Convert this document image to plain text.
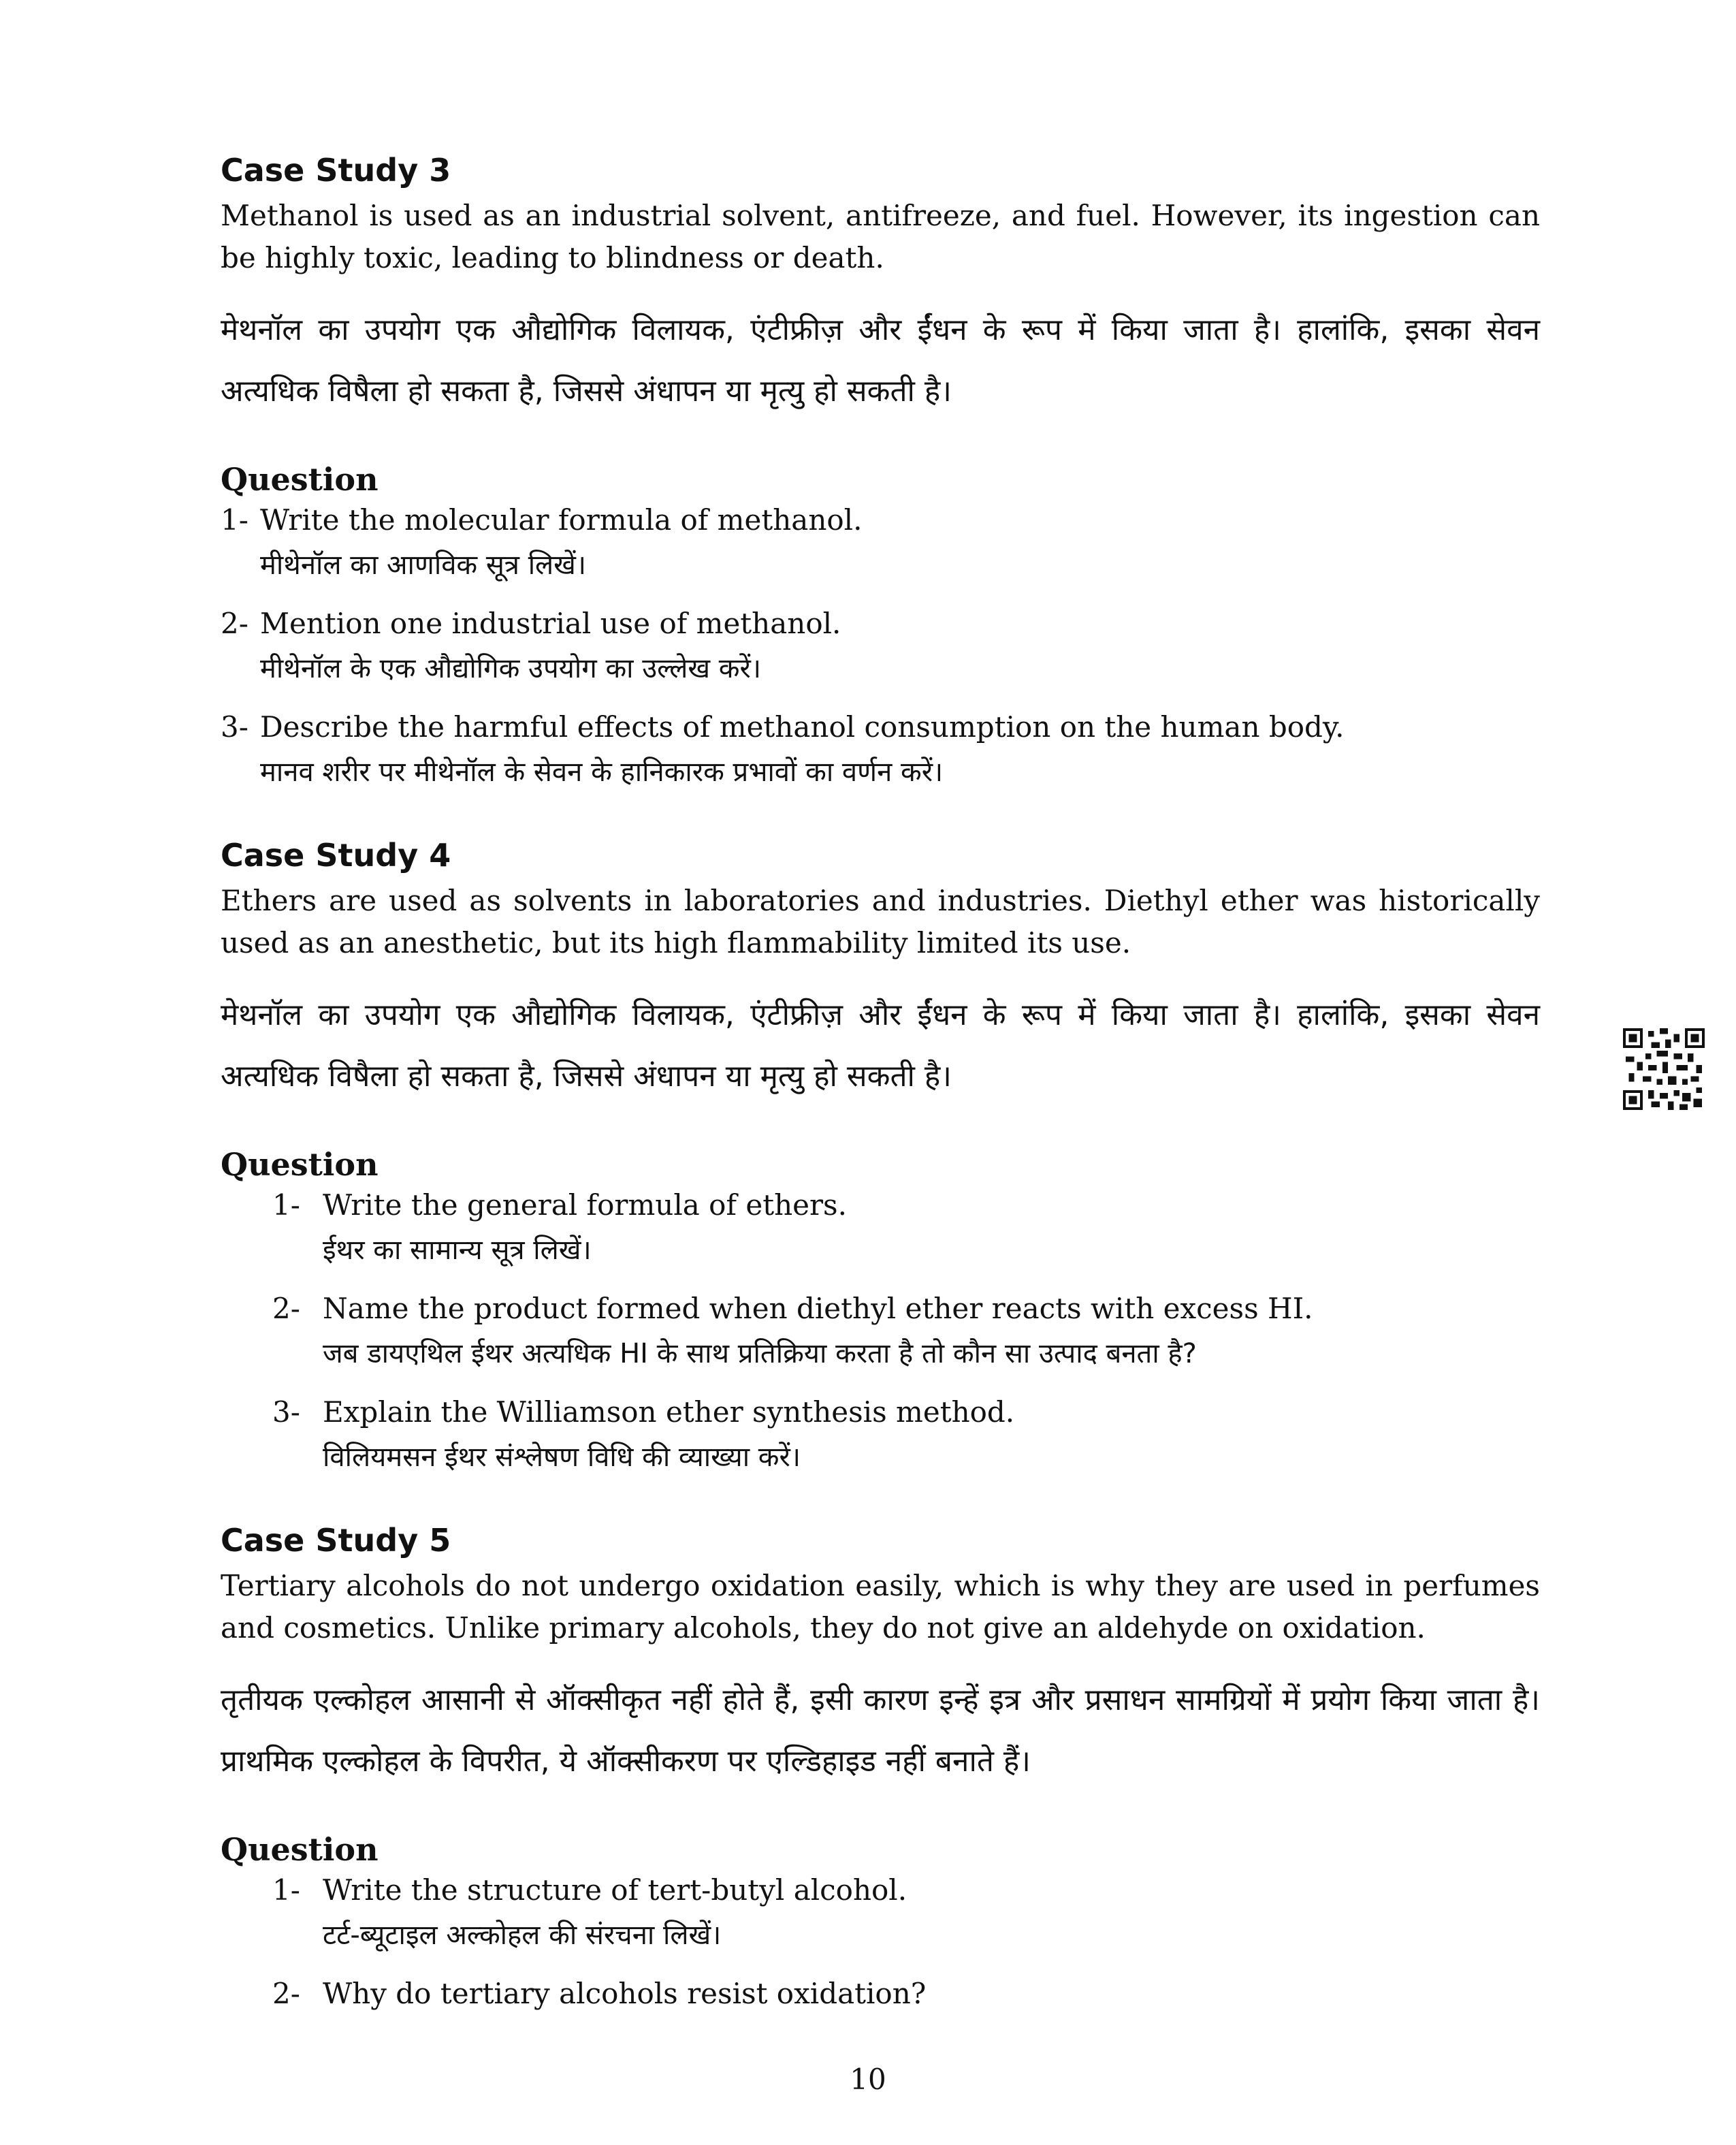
Case Study 3

Methanol is used as an industrial solvent, antifreeze, and fuel. However, its ingestion can be highly toxic, leading to blindness or death.

मेथनॉल का उपयोग एक औद्योगिक विलायक, एंटीफ्रीज़ और ईंधन के रूप में किया जाता है। हालांकि, इसका सेवन अत्यधिक विषैला हो सकता है, जिससे अंधापन या मृत्यु हो सकती है।

Question
1- Write the molecular formula of methanol.
मीथेनॉल का आणविक सूत्र लिखें।
2- Mention one industrial use of methanol.
मीथेनॉल के एक औद्योगिक उपयोग का उल्लेख करें।
3- Describe the harmful effects of methanol consumption on the human body.
मानव शरीर पर मीथेनॉल के सेवन के हानिकारक प्रभावों का वर्णन करें।
Case Study 4

Ethers are used as solvents in laboratories and industries. Diethyl ether was historically used as an anesthetic, but its high flammability limited its use.

मेथनॉल का उपयोग एक औद्योगिक विलायक, एंटीफ्रीज़ और ईंधन के रूप में किया जाता है। हालांकि, इसका सेवन अत्यधिक विषैला हो सकता है, जिससे अंधापन या मृत्यु हो सकती है।

Question
1- Write the general formula of ethers.
ईथर का सामान्य सूत्र लिखें।
2- Name the product formed when diethyl ether reacts with excess HI.
जब डायएथिल ईथर अत्यधिक HI के साथ प्रतिक्रिया करता है तो कौन सा उत्पाद बनता है?
3- Explain the Williamson ether synthesis method.
विलियमसन ईथर संश्लेषण विधि की व्याख्या करें।
Case Study 5

Tertiary alcohols do not undergo oxidation easily, which is why they are used in perfumes and cosmetics. Unlike primary alcohols, they do not give an aldehyde on oxidation.

तृतीयक एल्कोहल आसानी से ऑक्सीकृत नहीं होते हैं, इसी कारण इन्हें इत्र और प्रसाधन सामग्रियों में प्रयोग किया जाता है। प्राथमिक एल्कोहल के विपरीत, ये ऑक्सीकरण पर एल्डिहाइड नहीं बनाते हैं।

Question
1- Write the structure of tert-butyl alcohol.
टर्ट-ब्यूटाइल अल्कोहल की संरचना लिखें।
2- Why do tertiary alcohols resist oxidation?
10
